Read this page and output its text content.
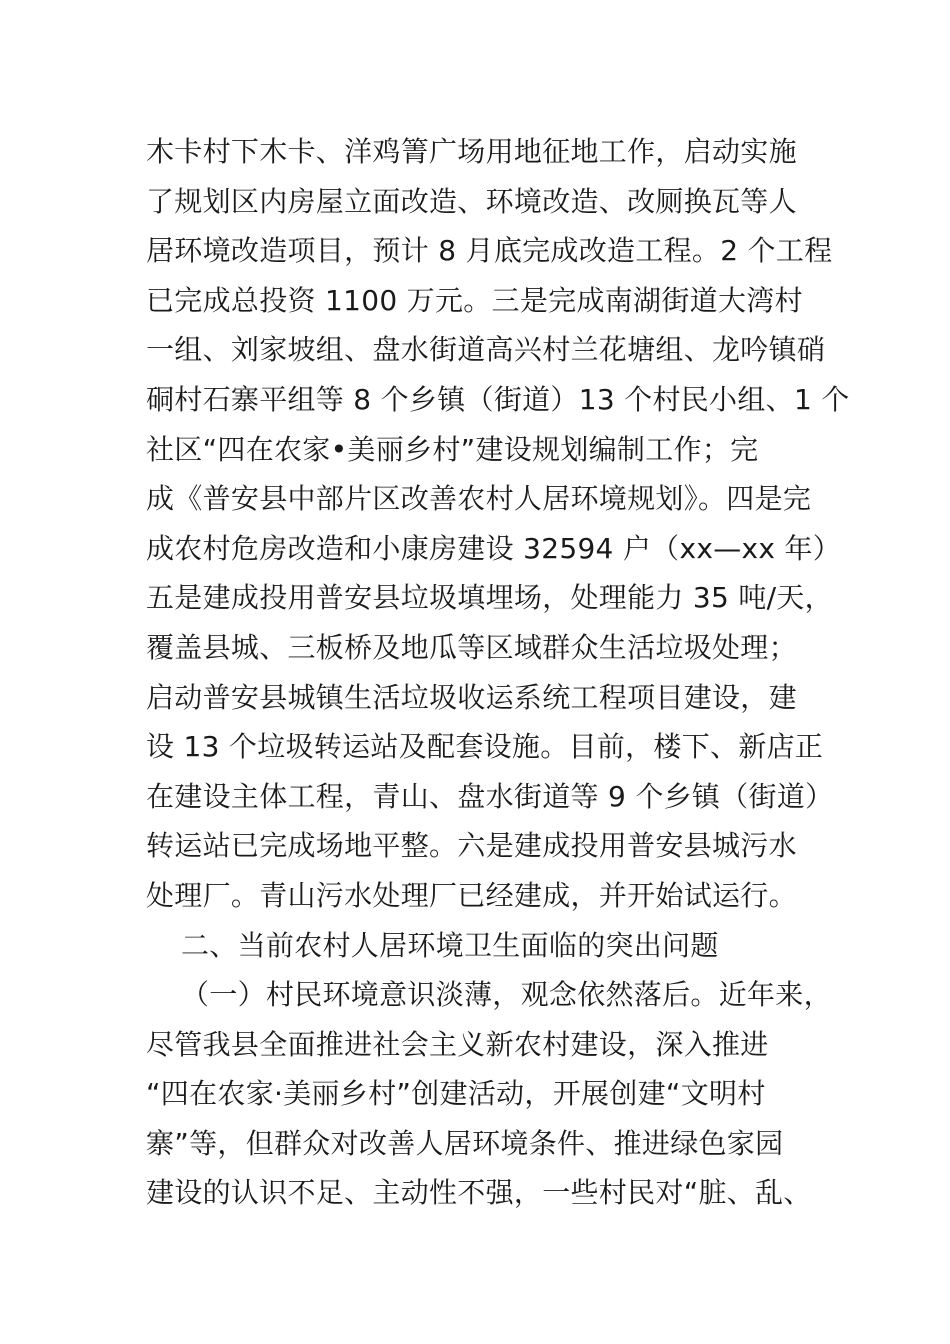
木卡村下木卡、洋鸡箐广场用地征地工作，启动实施
了规划区内房屋立面改造、环境改造、改厕换瓦等人
居环境改造项目，预计 8 月底完成改造工程。2 个工程
已完成总投资 1100 万元。三是完成南湖街道大湾村
一组、刘家坡组、盘水街道高兴村兰花塘组、龙吟镇硝
硐村石寨平组等 8 个乡镇（街道）13 个村民小组、1 个
社区“四在农家•美丽乡村”建设规划编制工作；完
成《普安县中部片区改善农村人居环境规划》。四是完
成农村危房改造和小康房建设 32594 户（xx—xx 年）
五是建成投用普安县垃圾填埋场，处理能力 35 吨/天，
覆盖县城、三板桥及地瓜等区域群众生活垃圾处理；
启动普安县城镇生活垃圾收运系统工程项目建设，建
设 13 个垃圾转运站及配套设施。目前，楼下、新店正
在建设主体工程，青山、盘水街道等 9 个乡镇（街道）
转运站已完成场地平整。六是建成投用普安县城污水
处理厂。青山污水处理厂已经建成，并开始试运行。
二、当前农村人居环境卫生面临的突出问题
（一）村民环境意识淡薄，观念依然落后。近年来，
尽管我县全面推进社会主义新农村建设，深入推进
“四在农家·美丽乡村”创建活动，开展创建“文明村
寨”等，但群众对改善人居环境条件、推进绿色家园
建设的认识不足、主动性不强，一些村民对“脏、乱、
